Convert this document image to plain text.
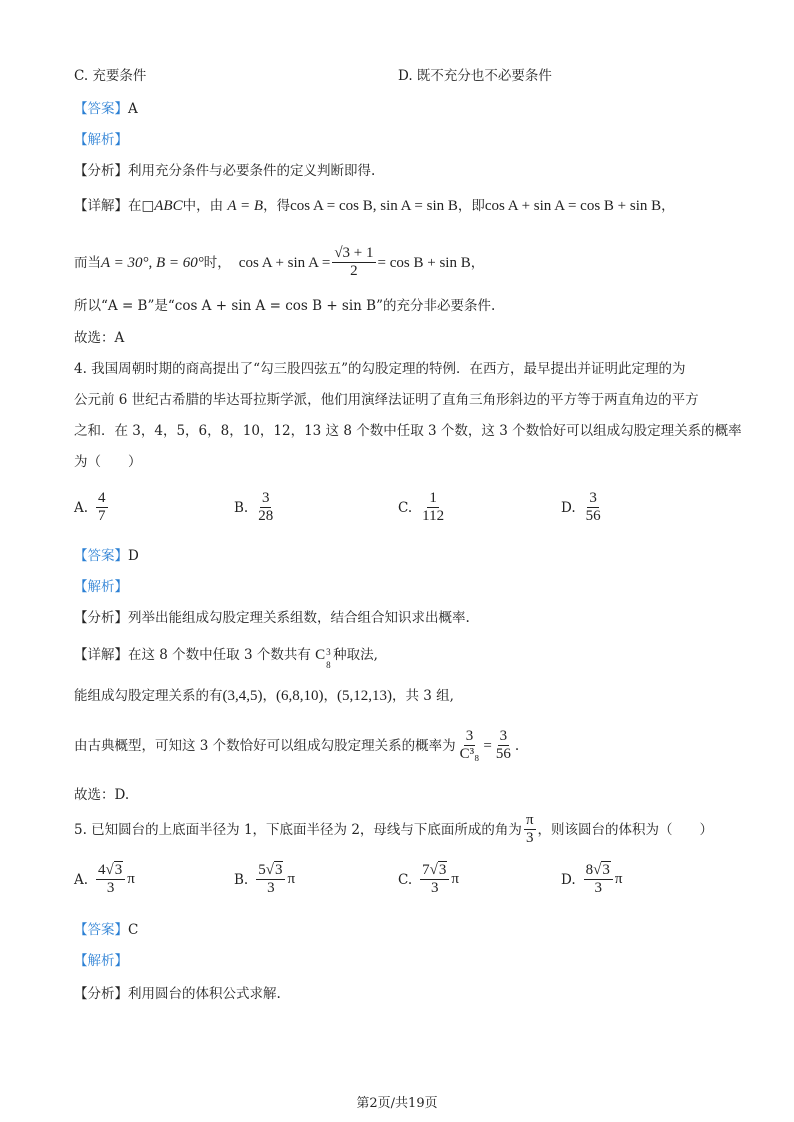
C. 充要条件	D. 既不充分也不必要条件
【答案】A
【解析】
【分析】利用充分条件与必要条件的定义判断即得.
【详解】在□ABC中，由 A = B，得cos A = cos B, sin A = sin B，即cos A + sin A = cos B + sin B，
而当 A = 30°, B = 60° 时， $\cos A + \sin A = \frac{√3 + 1}{2} = \cos B + \sin B$ ，
所以“A = B”是“cos A + sin A = cos B + sin B”的充分非必要条件.
故选：A
4. 我国周朝时期的商高提出了“勾三股四弦五”的勾股定理的特例．在西方，最早提出并证明此定理的为
公元前 6 世纪古希腊的毕达哥拉斯学派，他们用演绎法证明了直角三角形斜边的平方等于两直角边的平方
之和．在 3，4，5，6，8，10，12，13 这 8 个数中任取 3 个数，这 3 个数恰好可以组成勾股定理关系的概率
为（　　）
A. $\frac{4}{7}$	B. $\frac{3}{28}$	C. $\frac{1}{112}$	D. $\frac{3}{56}$
【答案】D
【解析】
【分析】列举出能组成勾股定理关系组数，结合组合知识求出概率.
【详解】在这 8 个数中任取 3 个数共有 C 3
8
种取法,
能组成勾股定理关系的有(3,4,5)，(6,8,10)，(5,12,13)，共 3 组,
由古典概型，可知这 3 个数恰好可以组成勾股定理关系的概率为 $\frac{3}{\text{C³₈}} = \frac{3}{56}$ .
故选：D.
5. 已知圆台的上底面半径为 1，下底面半径为 2，母线与下底面所成的角为 $\frac{\pi}{3}$ ，则该圆台的体积为（　　）
A. $\frac{4√3}{3}$ π	B. $\frac{5√3}{3}$ π	C. $\frac{7√3}{3}$ π	D. $\frac{8√3}{3}$ π
【答案】C
【解析】
【分析】利用圆台的体积公式求解.
第2页/共19页
